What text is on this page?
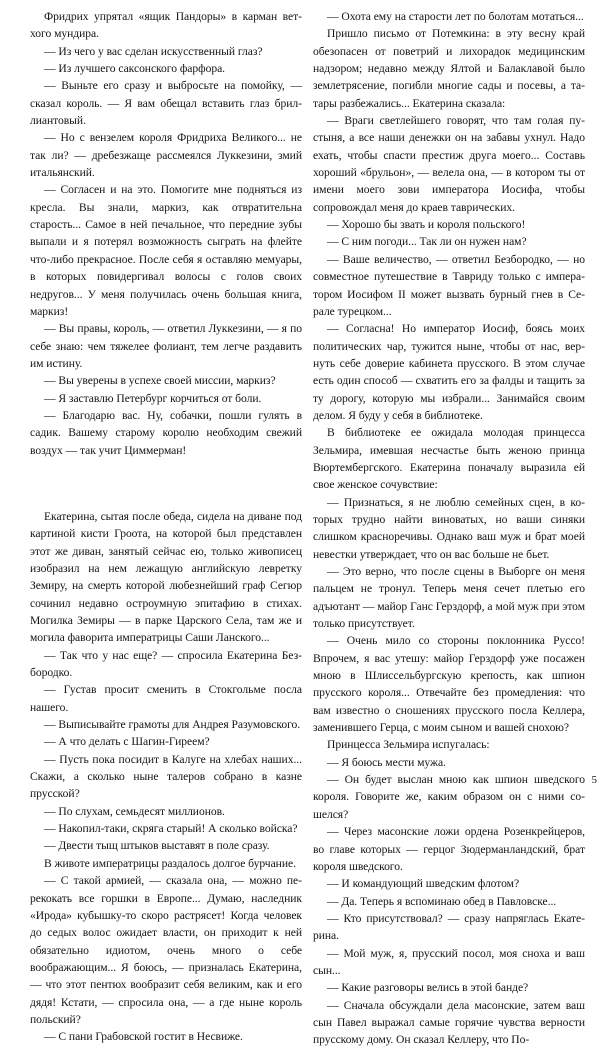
Фридрих упрятал «ящик Пандоры» в карман ветхого мундира.

— Из чего у вас сделан искусственный глаз?

— Из лучшего саксонского фарфора.

— Выньте его сразу и выбросьте на помойку, — сказал король. — Я вам обещал вставить глаз бриллиантовый.

— Но с вензелем короля Фридриха Великого... не так ли? — дребезжаще рассмеялся Луккезини, змий итальянский.

— Согласен и на это. Помогите мне подняться из кресла. Вы знали, маркиз, как отвратительна старость... Самое в ней печальное, что передние зубы выпали и я потерял возможность сыграть на флейте что-либо прекрасное. После себя я оставляю мемуары, в которых повидергивал волосы с голов своих недругов... У меня получилась очень большая книга, маркиз!

— Вы правы, король, — ответил Луккезини, — я по себе знаю: чем тяжелее фолиант, тем легче раздавить им истину.

— Вы уверены в успехе своей миссии, маркиз?

— Я заставлю Петербург корчиться от боли.

— Благодарю вас. Ну, собачки, пошли гулять в садик. Вашему старому королю необходим свежий воздух — так учит Циммерман!

Екатерина, сытая после обеда, сидела на диване под картиной кисти Гроота, на которой был представлен этот же диван, занятый сейчас ею, только живописец изобразил на нем лежащую английскую левретку Земиру, на смерть которой любезнейший граф Сегюр сочинил недавно остроумную эпитафию в стихах. Могилка Земиры — в парке Царского Села, там же и могила фаворита императрицы Саши Ланского...

— Так что у нас еще? — спросила Екатерина Безбородко.

— Густав просит сменить в Стокгольме посла нашего.

— Выписывайте грамоты для Андрея Разумовского.

— А что делать с Шагин-Гиреем?

— Пусть пока посидит в Калуге на хлебах наших... Скажи, а сколько ныне талеров собрано в казне прусской?

— По слухам, семьдесят миллионов.

— Накопил-таки, скряга старый! А сколько войска?

— Двести тыщ штыков выставят в поле сразу.

В животе императрицы раздалось долгое бурчание.

— С такой армией, — сказала она, — можно перекокать все горшки в Европе... Думаю, наследник «Ирода» кубышку-то скоро растрясет! Когда человек до седых волос ожидает власти, он приходит к ней обязательно идиотом, очень много о себе воображающим... Я боюсь, — призналась Екатерина, — что этот пентюх вообразит себя великим, как и его дядя! Кстати, — спросила она, — а где ныне король польский?

— С пани Грабовской гостит в Несвиже.

— Охота ему на старости лет по болотам мотаться...

Пришло письмо от Потемкина: в эту весну край обезопасен от поветрий и лихорадок медицинским надзором; недавно между Ялтой и Балаклавой было землетрясение, погибли многие сады и посевы, а татары разбежались... Екатерина сказала:

— Враги светлейшего говорят, что там голая пустыня, а все наши денежки он на забавы ухнул. Надо ехать, чтобы спасти престиж друга моего... Составь хороший «брульон», — велела она, — в котором ты от имени моего зови императора Иосифа, чтобы сопровождал меня до краев таврических.

— Хорошо бы звать и короля польского!

— С ним погоди... Так ли он нужен нам?

— Ваше величество, — ответил Безбородко, — но совместное путешествие в Тавриду только с императором Иосифом II может вызвать бурный гнев в Серале турецком...

— Согласна! Но император Иосиф, боясь моих политических чар, тужится ныне, чтобы от нас, вернуть себе доверие кабинета прусского. В этом случае есть один способ — схватить его за фалды и тащить за ту дорогу, которую мы избрали... Занимайся своим делом. Я буду у себя в библиотеке.

В библиотеке ее ожидала молодая принцесса Зельмира, имевшая несчастье быть женою принца Вюртембергского. Екатерина поначалу выразила ей свое женское сочувствие:

— Признаться, я не люблю семейных сцен, в которых трудно найти виноватых, но ваши синяки слишком красноречивы. Однако ваш муж и брат моей невестки утверждает, что он вас больше не бьет.

— Это верно, что после сцены в Выборге он меня пальцем не тронул. Теперь меня сечет плетью его адъютант — майор Ганс Герздорф, а мой муж при этом только присутствует.

— Очень мило со стороны поклонника Руссо! Впрочем, я вас утешу: майор Герздорф уже посажен мною в Шлиссельбургскую крепость, как шпион прусского короля... Отвечайте без промедления: что вам известно о сношениях прусского посла Келлера, заменившего Герца, с моим сыном и вашей снохою?

Принцесса Зельмира испугалась:

— Я боюсь мести мужа.

— Он будет выслан мною как шпион шведского короля. Говорите же, каким образом он с ними сошелся?

— Через масонские ложи ордена Розенкрейцеров, во главе которых — герцог Зюдерманландский, брат короля шведского.

— И командующий шведским флотом?

— Да. Теперь я вспоминаю обед в Павловске...

— Кто присутствовал? — сразу напряглась Екатерина.

— Мой муж, я, прусский посол, моя сноха и ваш сын...

— Какие разговоры велись в этой банде?

— Сначала обсуждали дела масонские, затем ваш сын Павел выражал самые горячие чувства верности прусскому дому. Он сказал Келлеру, что По-

5
